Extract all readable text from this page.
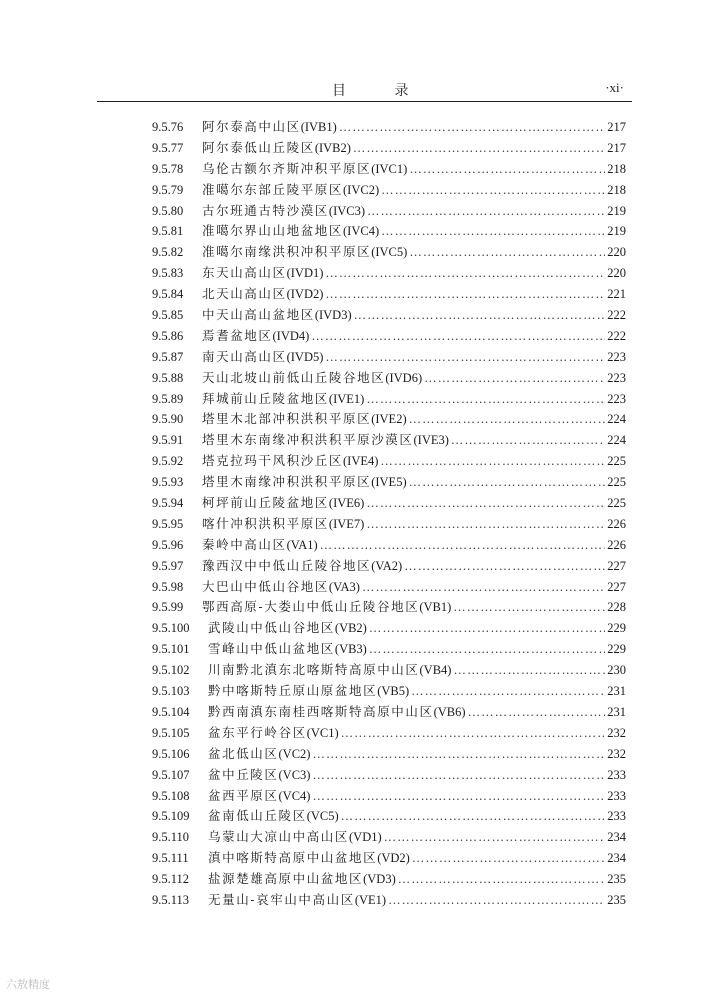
目 录	·xi·
9.5.76	阿尔泰高中山区(IVB1) …………………………………………………………………………………………………………………………………………………………	217
9.5.77	阿尔泰低山丘陵区(IVB2) …………………………………………………………………………………………………………………………………………………………	217
9.5.78	乌伦古额尔齐斯冲积平原区(IVC1) …………………………………………………………………………………………………………………………………………………………	218
9.5.79	准噶尔东部丘陵平原区(IVC2) …………………………………………………………………………………………………………………………………………………………	218
9.5.80	古尔班通古特沙漠区(IVC3) …………………………………………………………………………………………………………………………………………………………	219
9.5.81	准噶尔界山山地盆地区(IVC4) …………………………………………………………………………………………………………………………………………………………	219
9.5.82	准噶尔南缘洪积冲积平原区(IVC5) …………………………………………………………………………………………………………………………………………………………	220
9.5.83	东天山高山区(IVD1) …………………………………………………………………………………………………………………………………………………………	220
9.5.84	北天山高山区(IVD2) …………………………………………………………………………………………………………………………………………………………	221
9.5.85	中天山高山盆地区(IVD3) …………………………………………………………………………………………………………………………………………………………	222
9.5.86	焉耆盆地区(IVD4) …………………………………………………………………………………………………………………………………………………………	222
9.5.87	南天山高山区(IVD5) …………………………………………………………………………………………………………………………………………………………	223
9.5.88	天山北坡山前低山丘陵谷地区(IVD6) …………………………………………………………………………………………………………………………………………………………	223
9.5.89	拜城前山丘陵盆地区(IVE1) …………………………………………………………………………………………………………………………………………………………	223
9.5.90	塔里木北部冲积洪积平原区(IVE2) …………………………………………………………………………………………………………………………………………………………	224
9.5.91	塔里木东南缘冲积洪积平原沙漠区(IVE3) …………………………………………………………………………………………………………………………………………………………	224
9.5.92	塔克拉玛干风积沙丘区(IVE4) …………………………………………………………………………………………………………………………………………………………	225
9.5.93	塔里木南缘冲积洪积平原区(IVE5) …………………………………………………………………………………………………………………………………………………………	225
9.5.94	柯坪前山丘陵盆地区(IVE6) …………………………………………………………………………………………………………………………………………………………	225
9.5.95	喀什冲积洪积平原区(IVE7) …………………………………………………………………………………………………………………………………………………………	226
9.5.96	秦岭中高山区(VA1) …………………………………………………………………………………………………………………………………………………………	226
9.5.97	豫西汉中中低山丘陵谷地区(VA2) …………………………………………………………………………………………………………………………………………………………	227
9.5.98	大巴山中低山谷地区(VA3) …………………………………………………………………………………………………………………………………………………………	227
9.5.99	鄂西高原-大娄山中低山丘陵谷地区(VB1) …………………………………………………………………………………………………………………………………………………………	228
9.5.100	武陵山中低山谷地区(VB2) …………………………………………………………………………………………………………………………………………………………	229
9.5.101	雪峰山中低山盆地区(VB3) …………………………………………………………………………………………………………………………………………………………	229
9.5.102	川南黔北滇东北喀斯特高原中山区(VB4) …………………………………………………………………………………………………………………………………………………………	230
9.5.103	黔中喀斯特丘原山原盆地区(VB5) …………………………………………………………………………………………………………………………………………………………	231
9.5.104	黔西南滇东南桂西喀斯特高原中山区(VB6) …………………………………………………………………………………………………………………………………………………………	231
9.5.105	盆东平行岭谷区(VC1) …………………………………………………………………………………………………………………………………………………………	232
9.5.106	盆北低山区(VC2) …………………………………………………………………………………………………………………………………………………………	232
9.5.107	盆中丘陵区(VC3) …………………………………………………………………………………………………………………………………………………………	233
9.5.108	盆西平原区(VC4) …………………………………………………………………………………………………………………………………………………………	233
9.5.109	盆南低山丘陵区(VC5) …………………………………………………………………………………………………………………………………………………………	233
9.5.110	乌蒙山大凉山中高山区(VD1) …………………………………………………………………………………………………………………………………………………………	234
9.5.111	滇中喀斯特高原中山盆地区(VD2) …………………………………………………………………………………………………………………………………………………………	234
9.5.112	盐源楚雄高原中山盆地区(VD3) …………………………………………………………………………………………………………………………………………………………	235
9.5.113	无量山-哀牢山中高山区(VE1) …………………………………………………………………………………………………………………………………………………………	235
六敖精度
